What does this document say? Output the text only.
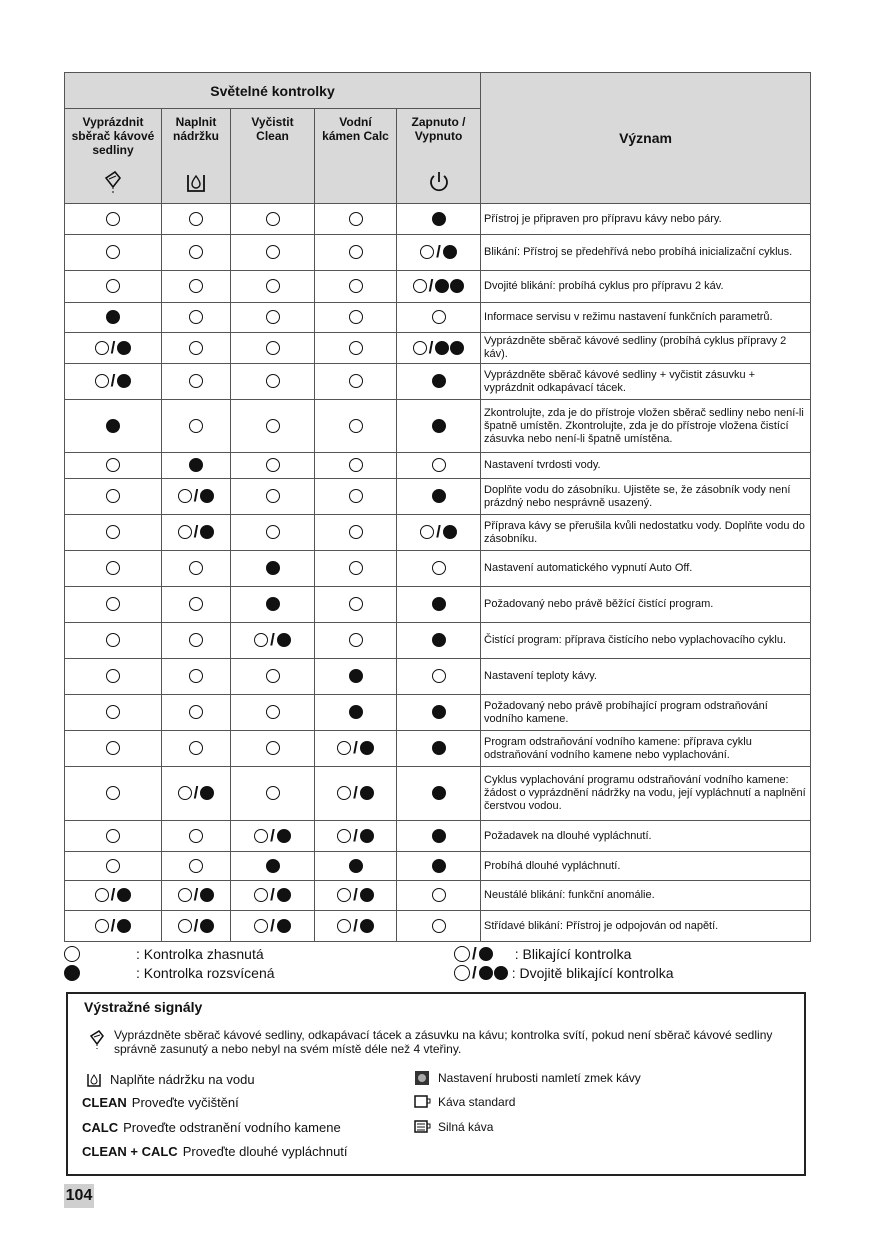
Světelné kontrolky					Význam

Vyprázdnit sběrač kávové sedliny	Naplnit nádržku	Vyčistit Clean	Vodní kámen Calc	Zapnuto / Vypnuto	

					Přístroj je připraven pro přípravu kávy nebo páry.
				/	Blikání: Přístroj se předehřívá nebo probíhá inicializační cyklus.
				/	Dvojité blikání: probíhá cyklus pro přípravu 2 káv.
					Informace servisu v režimu nastavení funkčních parametrů.
/				/	Vyprázdněte sběrač kávové sedliny (probíhá cyklus přípravy 2 káv).
/					Vyprázdněte sběrač kávové sedliny + vyčistit zásuvku + vyprázdnit odkapávací tácek.
					Zkontrolujte, zda je do přístroje vložen sběrač sedliny nebo není-li špatně umístěn. Zkontrolujte, zda je do přístroje vložena čistící zásuvka nebo není-li špatně umístěna.
					Nastavení tvrdosti vody.
	/				Doplňte vodu do zásobníku. Ujistěte se, že zásobník vody není prázdný nebo nesprávně usazený.
	/			/	Příprava kávy se přerušila kvůli nedostatku vody. Doplňte vodu do zásobníku.
					Nastavení automatického vypnutí Auto Off.
					Požadovaný nebo právě běžící čistící program.
		/			Čistící program: příprava čistícího nebo vyplachovacího cyklu.
					Nastavení teploty kávy.
					Požadovaný nebo právě probíhající program odstraňování vodního kamene.
			/		Program odstraňování vodního kamene: příprava cyklu odstraňování vodního kamene nebo vyplachování.
	/		/		Cyklus vyplachování programu odstraňování vodního kamene: žádost o vyprázdnění nádržky na vodu, její vypláchnutí a naplnění čerstvou vodou.
		/	/		Požadavek na dlouhé vypláchnutí.
					Probíhá dlouhé vypláchnutí.
/	/	/	/		Neustálé blikání: funkční anomálie.
/	/	/	/		Střídavé blikání: Přístroj je odpojován od napětí.
: Kontrolka zhasnutá
: Kontrolka rozsvícená
/	: Blikající kontrolka
/	: Dvojitě blikající kontrolka
Výstražné signály
Vyprázdněte sběrač kávové sedliny, odkapávací tácek a zásuvku na kávu; kontrolka svítí, pokud není sběrač kávové sedliny správně zasunutý a nebo nebyl na svém místě déle než 4 vteřiny.
Naplňte nádržku na vodu
CLEAN Proveďte vyčištění
CALC Proveďte odstranění vodního kamene
CLEAN + CALC Proveďte dlouhé vypláchnutí
Nastavení hrubosti namletí zmek kávy
Káva standard
Silná káva
104
